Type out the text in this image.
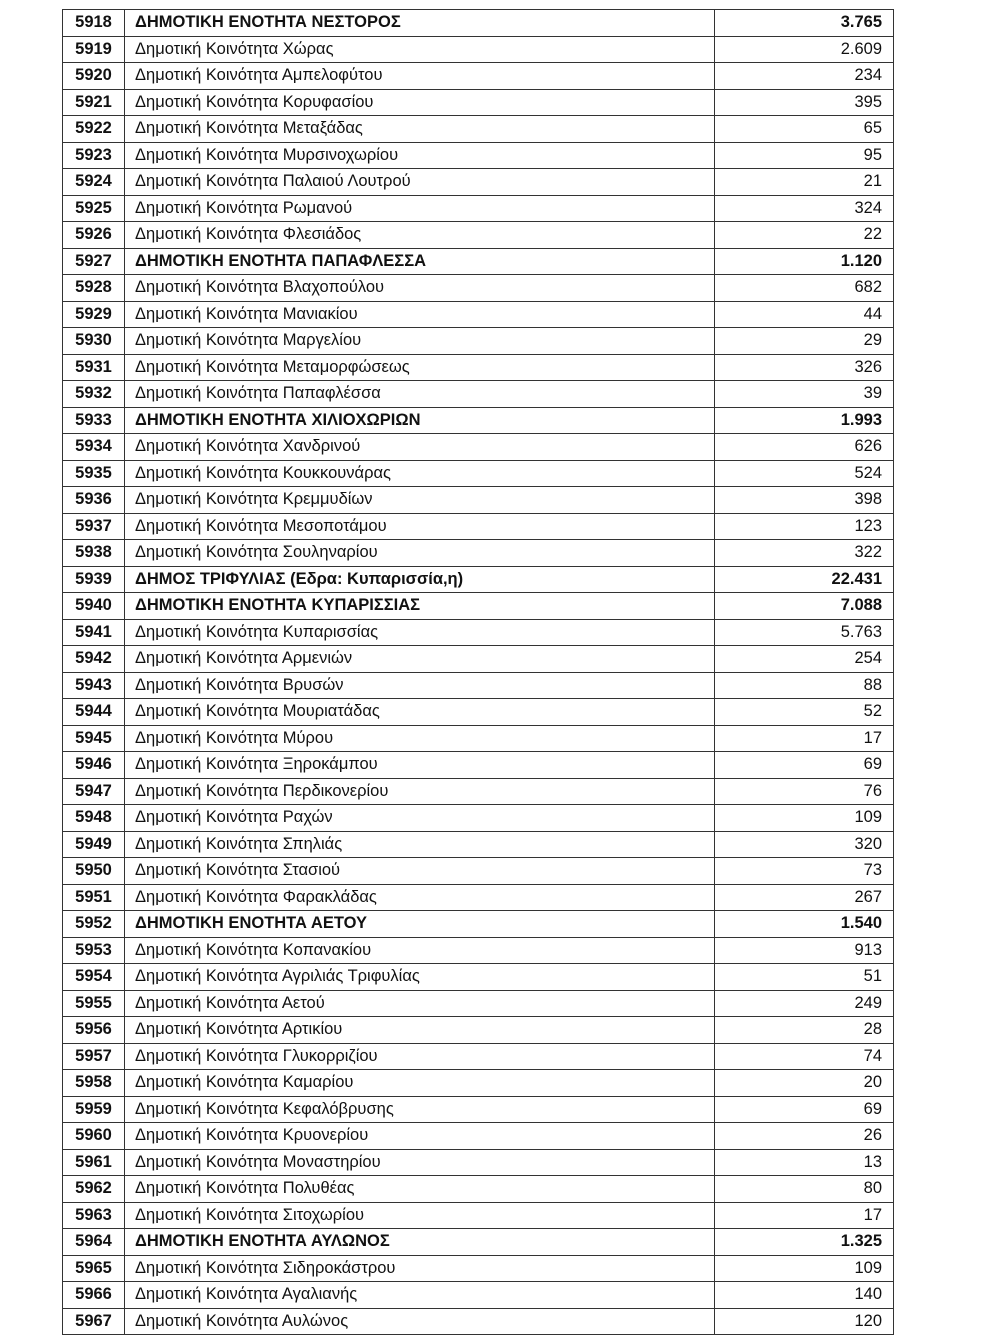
5918	ΔΗΜΟΤΙΚΗ ΕΝΟΤΗΤΑ ΝΕΣΤΟΡΟΣ	3.765
5919	Δημοτική Κοινότητα Χώρας	2.609
5920	Δημοτική Κοινότητα Αμπελοφύτου	234
5921	Δημοτική Κοινότητα Κορυφασίου	395
5922	Δημοτική Κοινότητα Μεταξάδας	65
5923	Δημοτική Κοινότητα Μυρσινοχωρίου	95
5924	Δημοτική Κοινότητα Παλαιού Λουτρού	21
5925	Δημοτική Κοινότητα Ρωμανού	324
5926	Δημοτική Κοινότητα Φλεσιάδος	22
5927	ΔΗΜΟΤΙΚΗ ΕΝΟΤΗΤΑ ΠΑΠΑΦΛΕΣΣΑ	1.120
5928	Δημοτική Κοινότητα Βλαχοπούλου	682
5929	Δημοτική Κοινότητα Μανιακίου	44
5930	Δημοτική Κοινότητα Μαργελίου	29
5931	Δημοτική Κοινότητα Μεταμορφώσεως	326
5932	Δημοτική Κοινότητα Παπαφλέσσα	39
5933	ΔΗΜΟΤΙΚΗ ΕΝΟΤΗΤΑ ΧΙΛΙΟΧΩΡΙΩΝ	1.993
5934	Δημοτική Κοινότητα Χανδρινού	626
5935	Δημοτική Κοινότητα Κουκκουνάρας	524
5936	Δημοτική Κοινότητα Κρεμμυδίων	398
5937	Δημοτική Κοινότητα Μεσοποτάμου	123
5938	Δημοτική Κοινότητα Σουληναρίου	322
5939	ΔΗΜΟΣ ΤΡΙΦΥΛΙΑΣ (Εδρα: Κυπαρισσία,η)	22.431
5940	ΔΗΜΟΤΙΚΗ ΕΝΟΤΗΤΑ ΚΥΠΑΡΙΣΣΙΑΣ	7.088
5941	Δημοτική Κοινότητα Κυπαρισσίας	5.763
5942	Δημοτική Κοινότητα Αρμενιών	254
5943	Δημοτική Κοινότητα Βρυσών	88
5944	Δημοτική Κοινότητα Μουριατάδας	52
5945	Δημοτική Κοινότητα Μύρου	17
5946	Δημοτική Κοινότητα Ξηροκάμπου	69
5947	Δημοτική Κοινότητα Περδικονερίου	76
5948	Δημοτική Κοινότητα Ραχών	109
5949	Δημοτική Κοινότητα Σπηλιάς	320
5950	Δημοτική Κοινότητα Στασιού	73
5951	Δημοτική Κοινότητα Φαρακλάδας	267
5952	ΔΗΜΟΤΙΚΗ ΕΝΟΤΗΤΑ ΑΕΤΟΥ	1.540
5953	Δημοτική Κοινότητα Κοπανακίου	913
5954	Δημοτική Κοινότητα Αγριλιάς Τριφυλίας	51
5955	Δημοτική Κοινότητα Αετού	249
5956	Δημοτική Κοινότητα Αρτικίου	28
5957	Δημοτική Κοινότητα Γλυκορριζίου	74
5958	Δημοτική Κοινότητα Καμαρίου	20
5959	Δημοτική Κοινότητα Κεφαλόβρυσης	69
5960	Δημοτική Κοινότητα Κρυονερίου	26
5961	Δημοτική Κοινότητα Μοναστηρίου	13
5962	Δημοτική Κοινότητα Πολυθέας	80
5963	Δημοτική Κοινότητα Σιτοχωρίου	17
5964	ΔΗΜΟΤΙΚΗ ΕΝΟΤΗΤΑ ΑΥΛΩΝΟΣ	1.325
5965	Δημοτική Κοινότητα Σιδηροκάστρου	109
5966	Δημοτική Κοινότητα Αγαλιανής	140
5967	Δημοτική Κοινότητα Αυλώνος	120
